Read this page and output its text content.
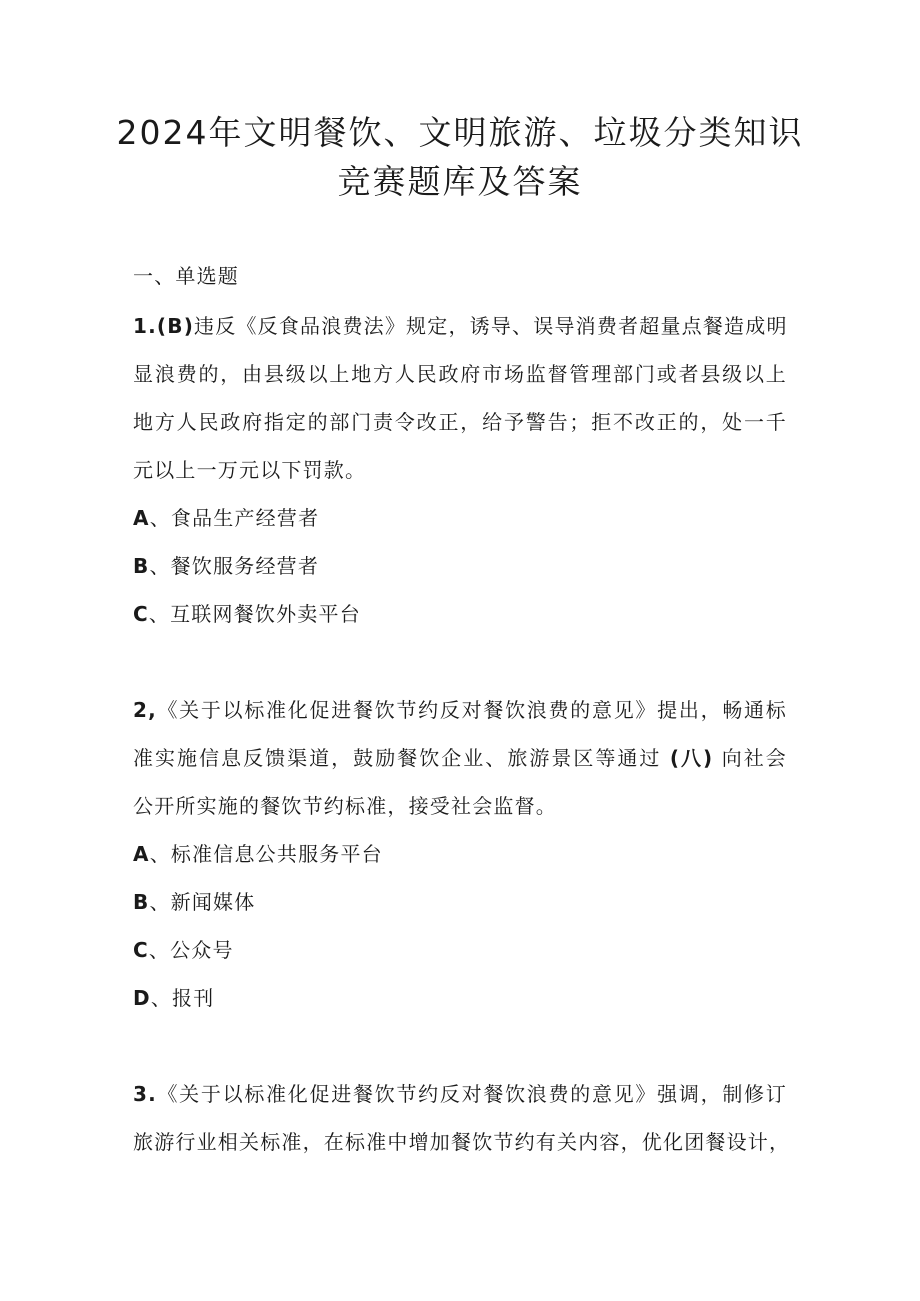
2024年文明餐饮、文明旅游、垃圾分类知识
竞赛题库及答案
一、单选题
1.(B)违反《反食品浪费法》规定，诱导、误导消费者超量点餐造成明
显浪费的，由县级以上地方人民政府市场监督管理部门或者县级以上
地方人民政府指定的部门责令改正，给予警告；拒不改正的，处一千
元以上一万元以下罚款。
A、食品生产经营者
B、餐饮服务经营者
C、互联网餐饮外卖平台
2,《关于以标准化促进餐饮节约反对餐饮浪费的意见》提出，畅通标
准实施信息反馈渠道，鼓励餐饮企业、旅游景区等通过 (八) 向社会
公开所实施的餐饮节约标准，接受社会监督。
A、标准信息公共服务平台
B、新闻媒体
C、公众号
D、报刊
3.《关于以标准化促进餐饮节约反对餐饮浪费的意见》强调，制修订
旅游行业相关标准，在标准中增加餐饮节约有关内容，优化团餐设计，
